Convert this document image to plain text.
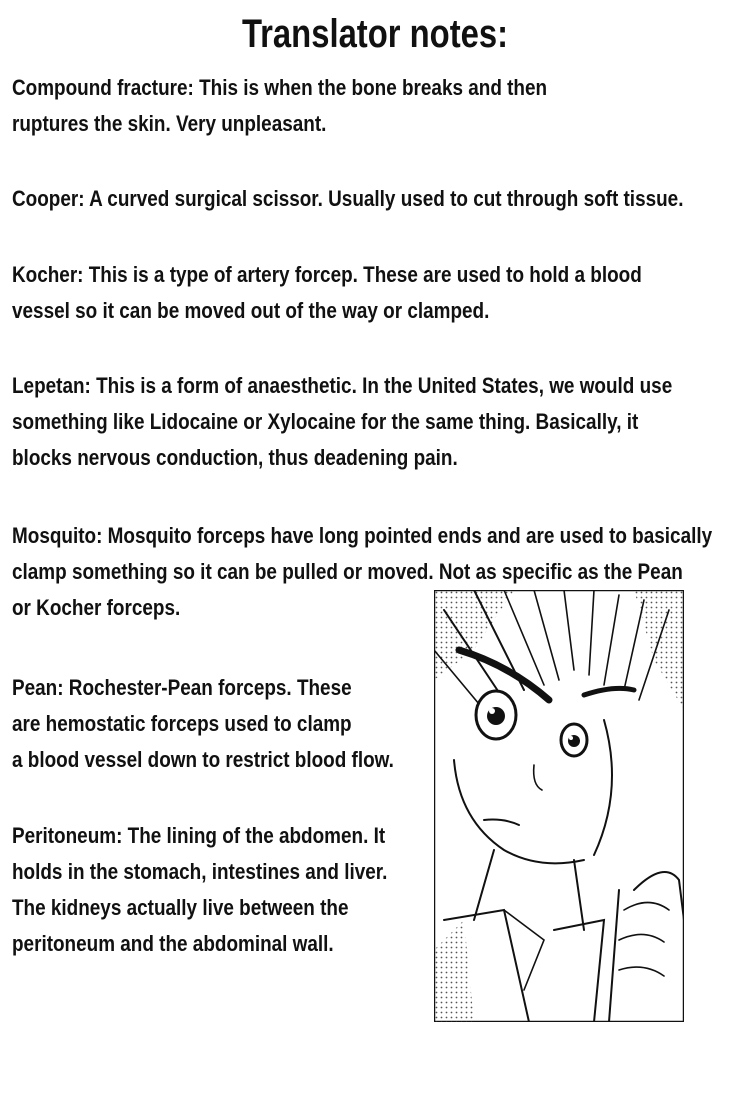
Translator notes:

Compound fracture: This is when the bone breaks and then
ruptures the skin. Very unpleasant.

Cooper: A curved surgical scissor. Usually used to cut through soft tissue.

Kocher: This is a type of artery forcep. These are used to hold a blood
vessel so it can be moved out of the way or clamped.

Lepetan: This is a form of anaesthetic. In the United States, we would use
something like Lidocaine or Xylocaine for the same thing. Basically, it
blocks nervous conduction, thus deadening pain.

Mosquito: Mosquito forceps have long pointed ends and are used to basically
clamp something so it can be pulled or moved. Not as specific as the Pean
or Kocher forceps.

Pean: Rochester-Pean forceps. These
are hemostatic forceps used to clamp
a blood vessel down to restrict blood flow.

Peritoneum: The lining of the abdomen. It
holds in the stomach, intestines and liver.
The kidneys actually live between the
peritoneum and the abdominal wall.
